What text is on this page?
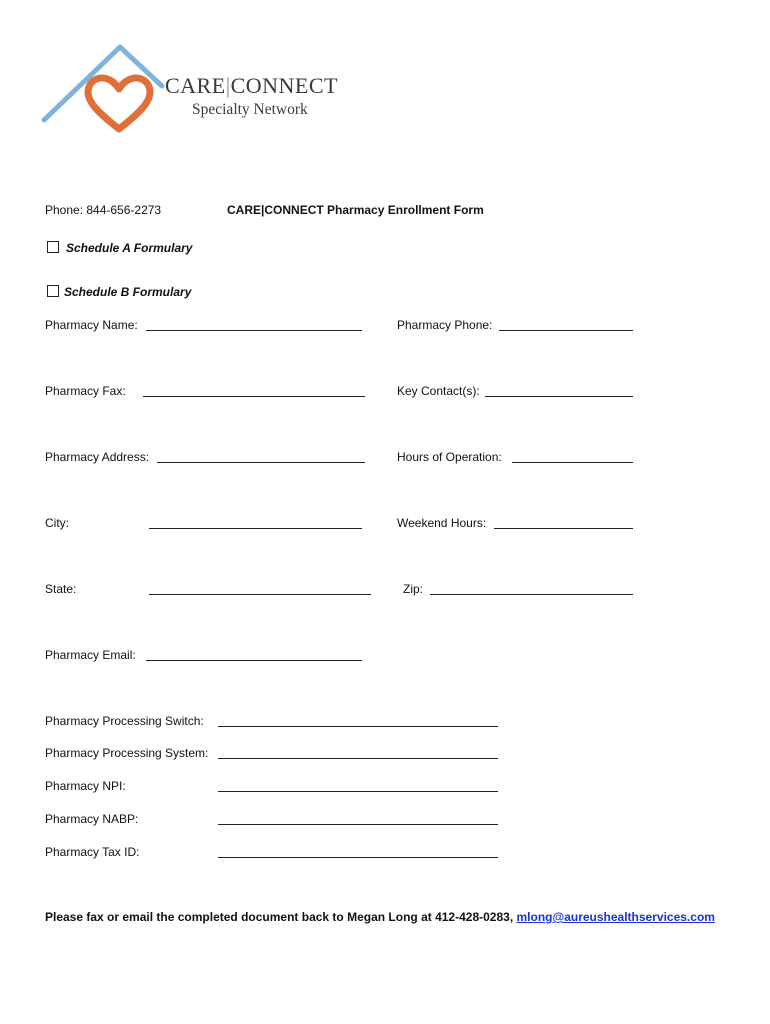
CARE|CONNECT
Specialty Network
Phone: 844-656-2273	CARE|CONNECT Pharmacy Enrollment Form
Schedule A Formulary
Schedule B Formulary
Pharmacy Name:	Pharmacy Phone:
Pharmacy Fax:	Key Contact(s):
Pharmacy Address:	Hours of Operation:
City:	Weekend Hours:
State:	Zip:
Pharmacy Email:
Pharmacy Processing Switch:
Pharmacy Processing System:
Pharmacy NPI:
Pharmacy NABP:
Pharmacy Tax ID:
Please fax or email the completed document back to Megan Long at 412-428-0283, mlong@aureushealthservices.com
